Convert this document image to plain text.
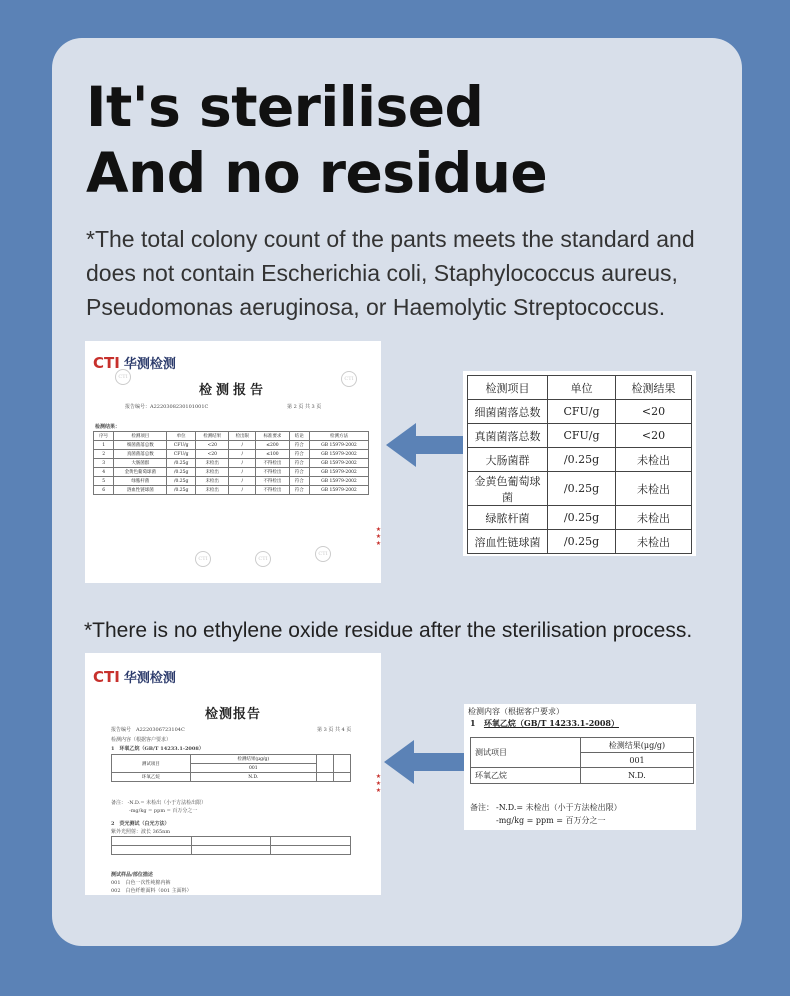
It's sterilised
And no residue
*The total colony count of the pants meets the standard and does not contain Escherichia coli, Staphylococcus aureus, Pseudomonas aeruginosa, or Haemolytic Streptococcus.
CTI 华测检测
检测报告
报告编号：A2220308230101001C	第 2 页 共 3 页
检测结果：
序号	检测项目	单位	检测结果	检出限	标准要求	结论	检测方法
1	细菌菌落总数	CFU/g	<20	/	≤200	符合	GB 15979-2002
2	真菌菌落总数	CFU/g	<20	/	≤100	符合	GB 15979-2002
3	大肠菌群	/0.25g	未检出	/	不得检出	符合	GB 15979-2002
4	金黄色葡萄球菌	/0.25g	未检出	/	不得检出	符合	GB 15979-2002
5	绿脓杆菌	/0.25g	未检出	/	不得检出	符合	GB 15979-2002
6	溶血性链球菌	/0.25g	未检出	/	不得检出	符合	GB 15979-2002
CTI	CTI
CTI
CTI
CTI
★★★
检测项目	单位	检测结果
细菌菌落总数	CFU/g	<20
真菌菌落总数	CFU/g	<20
大肠菌群	/0.25g	未检出
金黄色葡萄球菌	/0.25g	未检出
绿脓杆菌	/0.25g	未检出
溶血性链球菌	/0.25g	未检出
*There is no ethylene oxide residue after the sterilisation process.
CTI 华测检测
检测报告
报告编号　A2220306723104C	第 3 页 共 4 页
检测内容（根据客户要求）
1　环氧乙烷（GB/T 14233.1-2008）
测试项目	检测结果(μg/g)		
	001		
环氧乙烷	N.D.		
备注： -N.D.= 未检出（小于方法检出限）
-mg/kg = ppm = 百万分之一
2　荧光测试（白光方法）
紫外光照射：波长 365nm

测试样品/部位描述
001　白色一次性纯棉内裤
002　白色纤维面料（001 主面料）
★★★
检测内容（根据客户要求）
1 环氧乙烷（GB/T 14233.1-2008）
测试项目	检测结果(μg/g)
	001
环氧乙烷	N.D.
备注： -N.D.= 未检出（小于方法检出限）
-mg/kg = ppm = 百万分之一
